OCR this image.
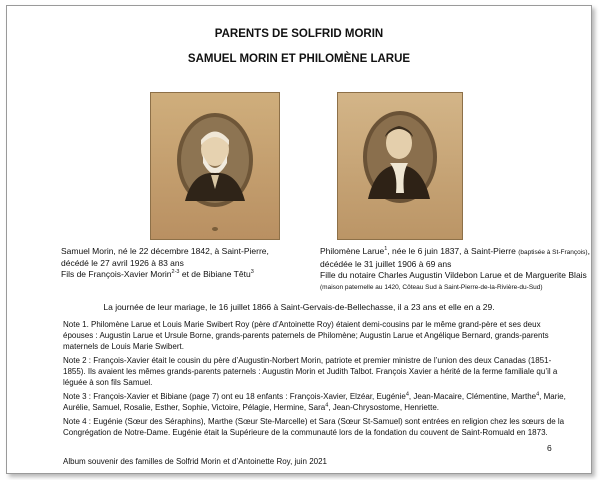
PARENTS DE SOLFRID MORIN
SAMUEL MORIN ET PHILOMÈNE LARUE
Samuel Morin, né le 22 décembre 1842, à Saint-Pierre,
décédé le 27 avril 1926 à 83 ans
Fils de François-Xavier Morin$^{2-3}$ et de Bibiane Têtu$^3$
Philomène Larue$^1$, née le 6 juin 1837, à Saint-Pierre (baptisée à St-François),
décédée le 31 juillet 1906 à 69 ans
Fille du notaire Charles Augustin Vildebon Larue et de Marguerite Blais
(maison paternelle au 1420, Côteau Sud à Saint-Pierre-de-la-Rivière-du-Sud)
La journée de leur mariage, le 16 juillet 1866 à Saint-Gervais-de-Bellechasse, il a 23 ans et elle en a 29.

Note 1. Philomène Larue et Louis Marie Swibert Roy (père d’Antoinette Roy) étaient demi-cousins par le même grand-père et ses deux épouses : Augustin Larue et Ursule Borne, grands-parents paternels de Philomène; Augustin Larue et Angélique Bernard, grands-parents maternels de Louis Marie Swibert.

Note 2 : François-Xavier était le cousin du père d’Augustin-Norbert Morin, patriote et premier ministre de l’union des deux Canadas (1851-1855). Ils avaient les mêmes grands-parents paternels : Augustin Morin et Judith Talbot. François Xavier a hérité de la ferme familiale qu’il a léguée à son fils Samuel.

Note 3 : François-Xavier et Bibiane (page 7) ont eu 18 enfants : François-Xavier, Elzéar, Eugénie$^4$, Jean-Macaire, Clémentine, Marthe$^4$, Marie, Aurélie, Samuel, Rosalie, Esther, Sophie, Victoire, Pélagie, Hermine, Sara$^4$, Jean-Chrysostome, Henriette.

Note 4 : Eugénie (Sœur des Séraphins), Marthe (Sœur Ste-Marcelle) et Sara (Sœur St-Samuel) sont entrées en religion chez les sœurs de la Congrégation de Notre-Dame. Eugénie était la Supérieure de la communauté lors de la fondation du couvent de Saint-Romuald en 1873.

6
Album souvenir des familles de Solfrid Morin et d’Antoinette Roy, juin 2021
